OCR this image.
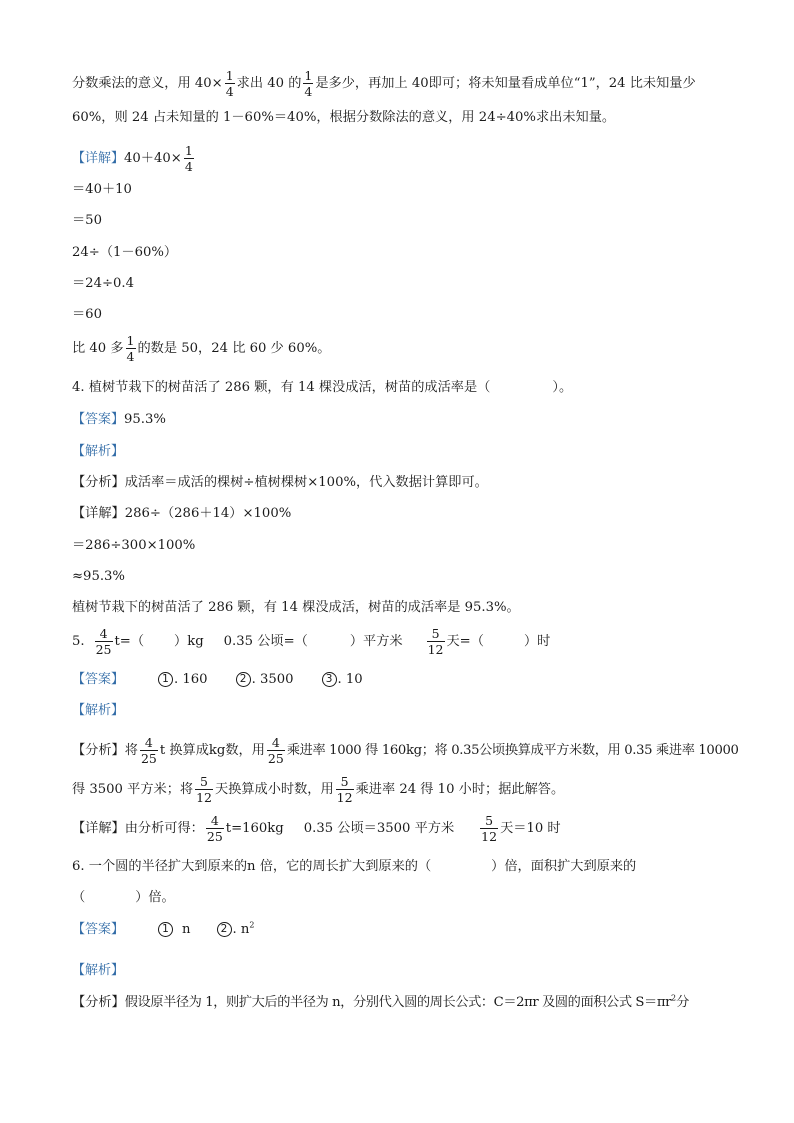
分数乘法的意义，用 $40\times \frac{1}{4}$ 求出 40 的 $\frac{1}{4}$ 是多少，再加上 40即可；将未知量看成单位“1”，24 比未知量少
60%，则 24 占未知量的 1－60%＝40%，根据分数除法的意义，用 24÷40%求出未知量。
【详解】$40+40\times \frac{1}{4}$
＝40＋10
＝50
24÷（1－60%）
＝24÷0.4
＝60
比 40 多 $\frac{1}{4}$ 的数是 50，24 比 60 少 60%。
4. 植树节栽下的树苗活了 286 颗，有 14 棵没成活，树苗的成活率是（	）。
【答案】95.3%
【解析】
【分析】成活率＝成活的棵树÷植树棵树×100%，代入数据计算即可。
【详解】286÷（286＋14）×100%
＝286÷300×100%
≈95.3%
植树节栽下的树苗活了 286 颗，有 14 棵没成活，树苗的成活率是 95.3%。
5. $\frac{4}{25} t=$（ ）kg 0.35 公顷=（	）平方米 $\frac{5}{12}$ 天=（	）时
【答案】	1 . 160	2 . 3500	3 . 10
【解析】
【分析】将 $\frac{4}{25}$ t 换算成kg数，用 $\frac{4}{25}$ 乘进率 1000 得 160kg；将 0.35公顷换算成平方米数，用 0.35 乘进率 10000
得 3500 平方米；将 $\frac{5}{12}$ 天换算成小时数，用 $\frac{5}{12}$ 乘进率 24 得 10 小时；据此解答。
【详解】由分析可得： $\frac{4}{25} t=160kg$ 0.35 公顷＝3500 平方米 $\frac{5}{12}$ 天＝10 时
6. 一个圆的半径扩大到原来的n 倍，它的周长扩大到原来的（	）倍，面积扩大到原来的
（	）倍。
【答案】	1 n	2 . $n^2$
【解析】
【分析】假设原半径为 1，则扩大后的半径为 n，分别代入圆的周长公式：C＝2πr 及圆的面积公式 $S=\pi r^2$分
